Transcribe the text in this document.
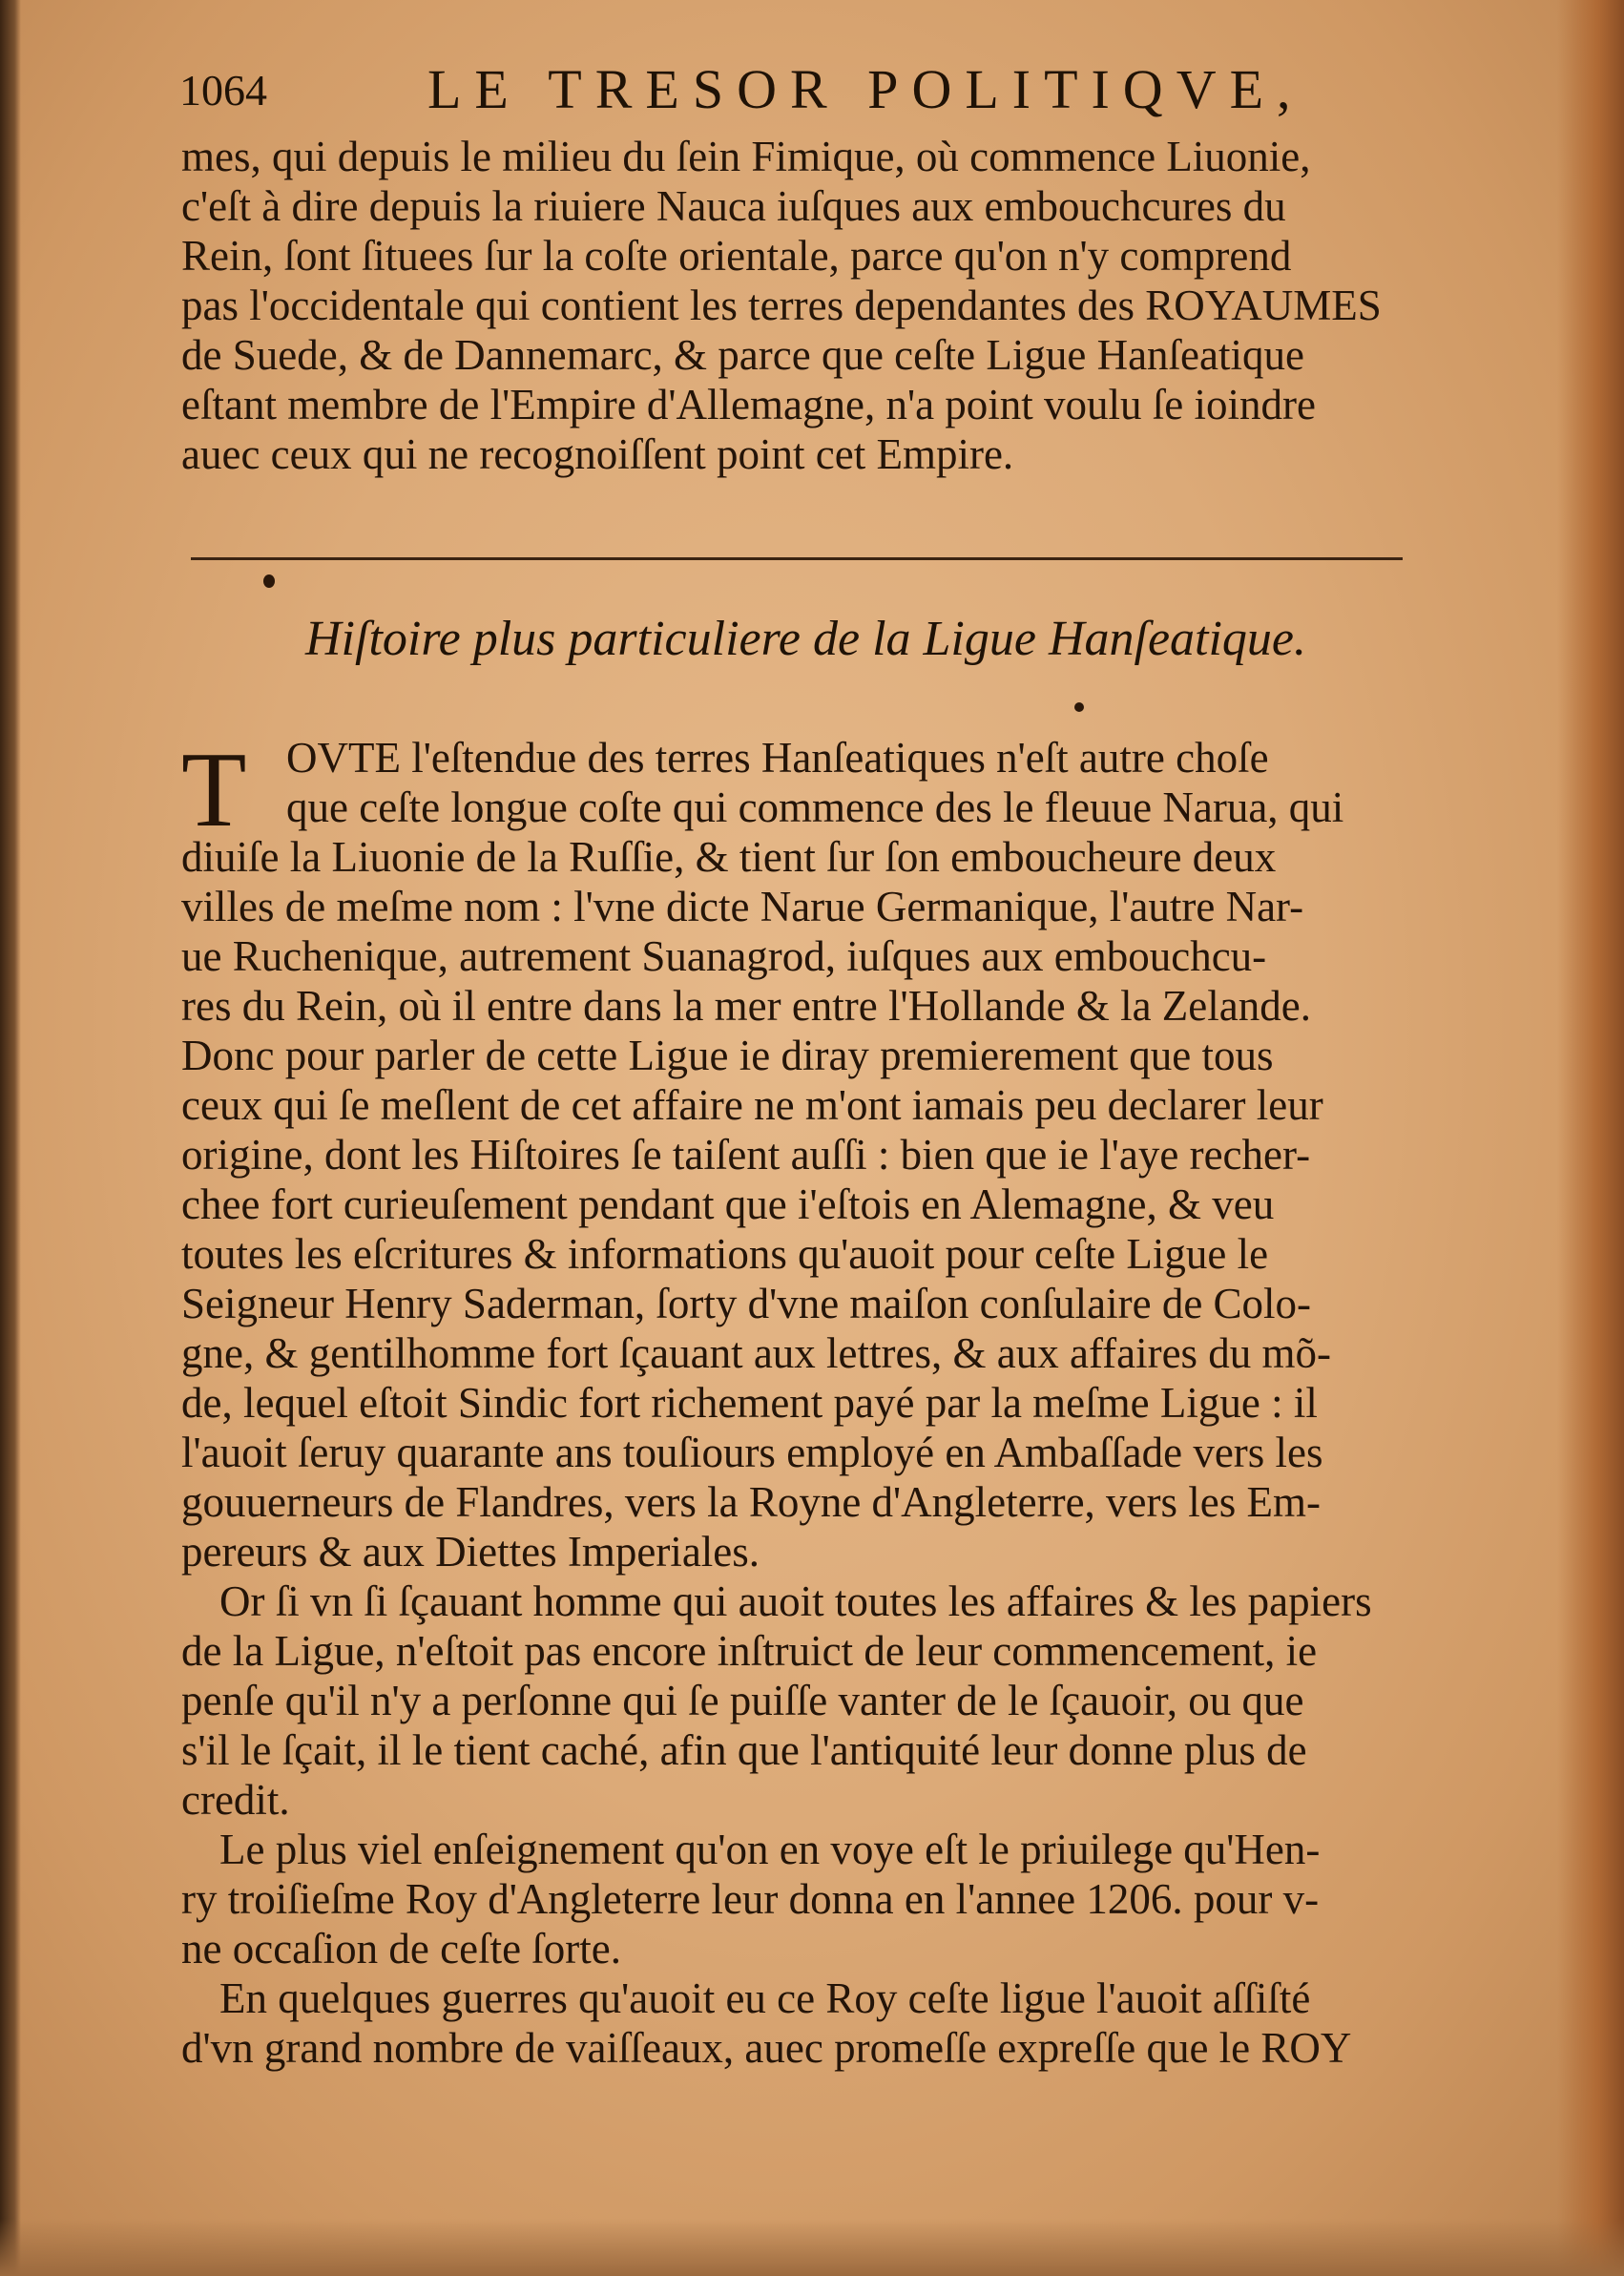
1064	LE TRESOR POLITIQVE,
mes, qui depuis le milieu du ſein Fimique, où commence Liuonie,
c'eſt à dire depuis la riuiere Nauca iuſques aux embouchcures du
Rein, ſont ſituees ſur la coſte orientale, parce qu'on n'y comprend
pas l'occidentale qui contient les terres dependantes des ROYAUMES
de Suede, & de Dannemarc, & parce que ceſte Ligue Hanſeatique
eſtant membre de l'Empire d'Allemagne, n'a point voulu ſe ioindre
auec ceux qui ne recognoiſſent point cet Empire.
Hiſtoire plus particuliere de la Ligue Hanſeatique.
T OVTE l'eſtendue des terres Hanſeatiques n'eſt autre choſe
que ceſte longue coſte qui commence des le fleuue Narua, qui
diuiſe la Liuonie de la Ruſſie, & tient ſur ſon emboucheure deux
villes de meſme nom : l'vne dicte Narue Germanique, l'autre Nar-
ue Ruchenique, autrement Suanagrod, iuſques aux embouchcu-
res du Rein, où il entre dans la mer entre l'Hollande & la Zelande.
Donc pour parler de cette Ligue ie diray premierement que tous
ceux qui ſe meſlent de cet affaire ne m'ont iamais peu declarer leur
origine, dont les Hiſtoires ſe taiſent auſſi : bien que ie l'aye recher-
chee fort curieuſement pendant que i'eſtois en Alemagne, & veu
toutes les eſcritures & informations qu'auoit pour ceſte Ligue le
Seigneur Henry Saderman, ſorty d'vne maiſon conſulaire de Colo-
gne, & gentilhomme fort ſçauant aux lettres, & aux affaires du mõ-
de, lequel eſtoit Sindic fort richement payé par la meſme Ligue : il
l'auoit ſeruy quarante ans touſiours employé en Ambaſſade vers les
gouuerneurs de Flandres, vers la Royne d'Angleterre, vers les Em-
pereurs & aux Diettes Imperiales.
Or ſi vn ſi ſçauant homme qui auoit toutes les affaires & les papiers
de la Ligue, n'eſtoit pas encore inſtruict de leur commencement, ie
penſe qu'il n'y a perſonne qui ſe puiſſe vanter de le ſçauoir, ou que
s'il le ſçait, il le tient caché, afin que l'antiquité leur donne plus de
credit.
Le plus viel enſeignement qu'on en voye eſt le priuilege qu'Hen-
ry troiſieſme Roy d'Angleterre leur donna en l'annee 1206. pour v-
ne occaſion de ceſte ſorte.
En quelques guerres qu'auoit eu ce Roy ceſte ligue l'auoit aſſiſté
d'vn grand nombre de vaiſſeaux, auec promeſſe expreſſe que le ROY
